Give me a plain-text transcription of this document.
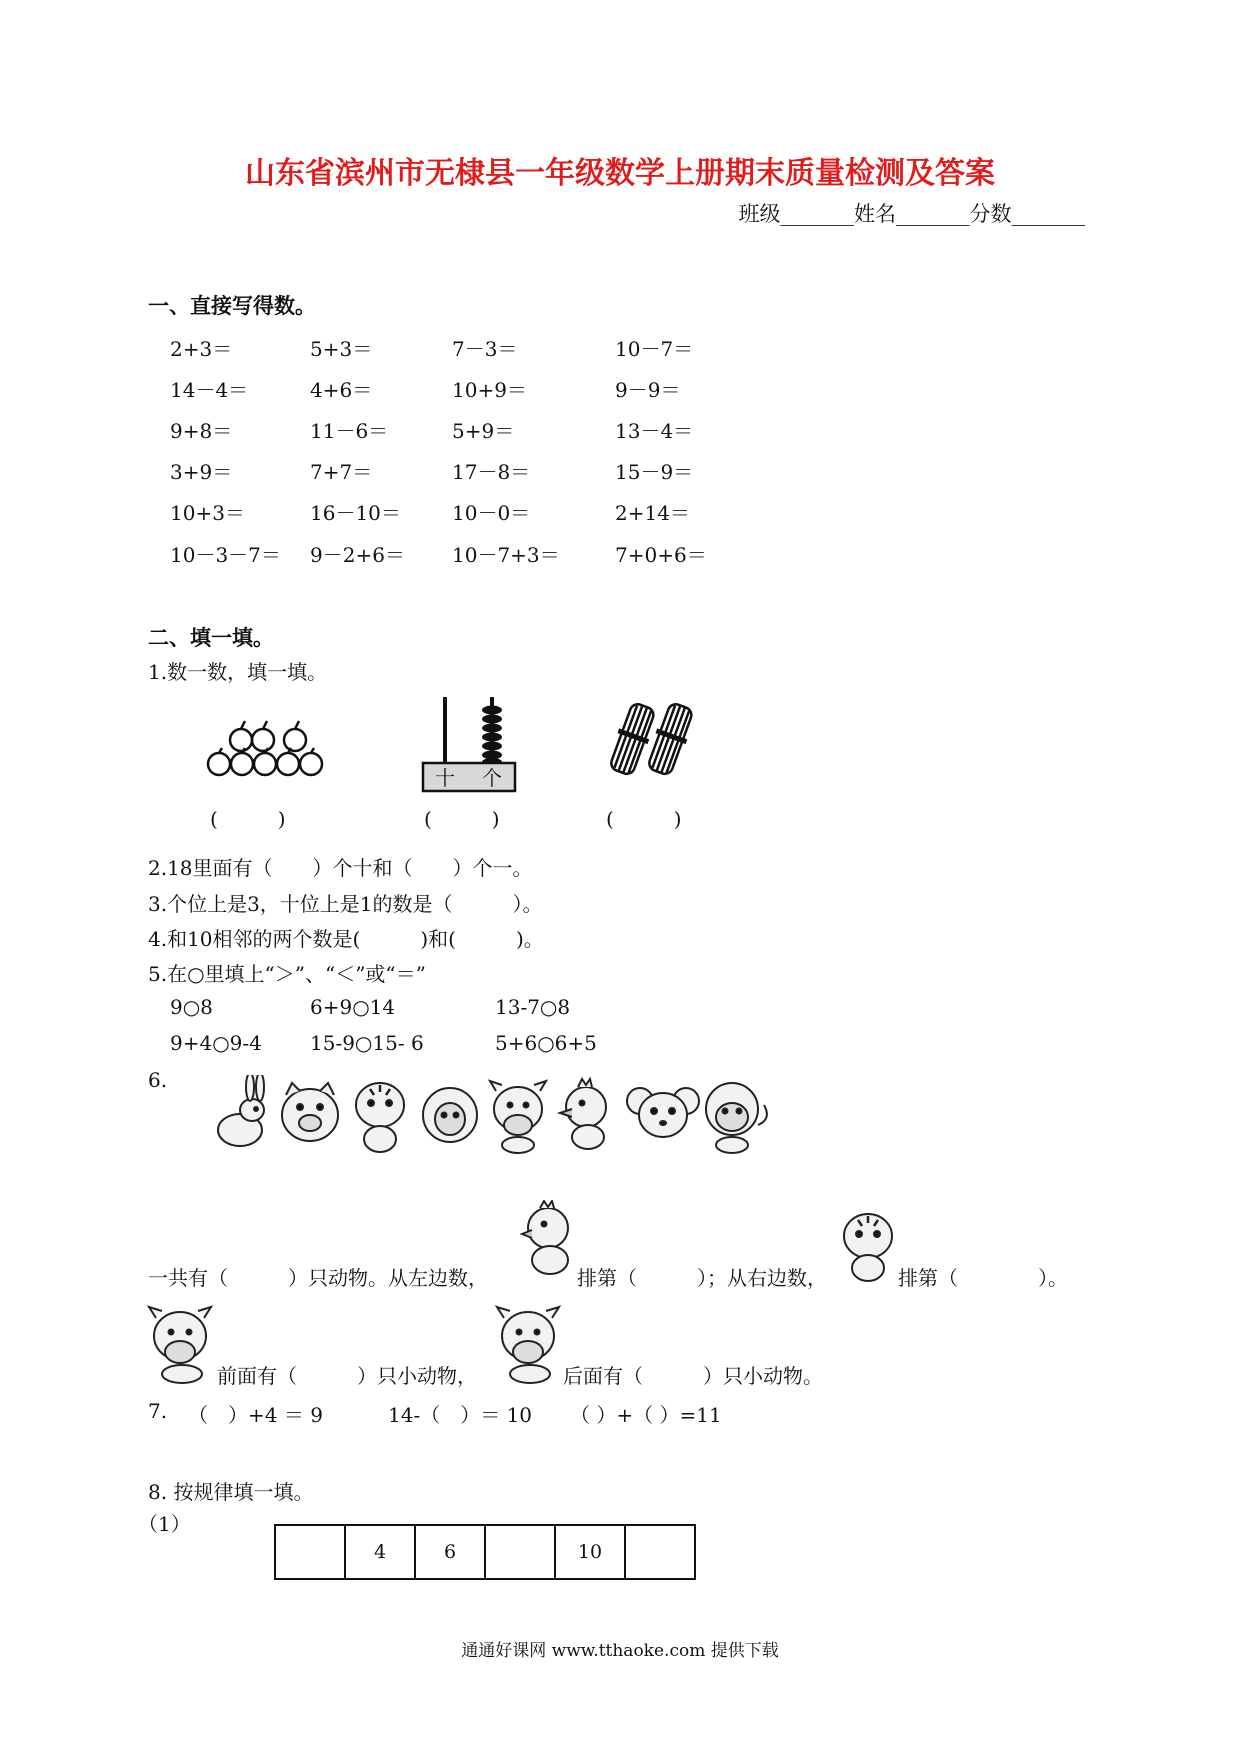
山东省滨州市无棣县一年级数学上册期末质量检测及答案
班级_______姓名_______分数_______
一、直接写得数。
2+3＝	5+3＝	7－3＝	10－7＝
14－4＝	4+6＝	10+9＝	9－9＝
9+8＝	11－6＝	5+9＝	13－4＝
3+9＝	7+7＝	17－8＝	15－9＝
10+3＝	16－10＝	10－0＝	2+14＝
10－3－7＝ 9－2+6＝ 10－7+3＝	7+0+6＝
二、填一填。
1.数一数，填一填。
十 个
(　　　)	(　　　)	(　　　)
2.18里面有（　　）个十和（　　）个一。
3.个位上是3，十位上是1的数是（　　　）。
4.和10相邻的两个数是(　　　)和(　　　)。
5.在○里填上“＞”、“＜”或“＝”
9○8	6+9○14	13-7○8
9+4○9-4 15-9○15- 6	5+6○6+5
6.
一共有（　　　）只动物。从左边数，	排第（　　　）；从右边数，	排第（　　　　）。
前面有（　　　）只小动物，	后面有（　　　）只小动物。
7. （　）+4 ＝ 9	14-（　）＝ 10 （ ）+（ ）=11
8. 按规律填一填。
（1）
	4	6		10	
通通好课网 www.tthaoke.com 提供下载
